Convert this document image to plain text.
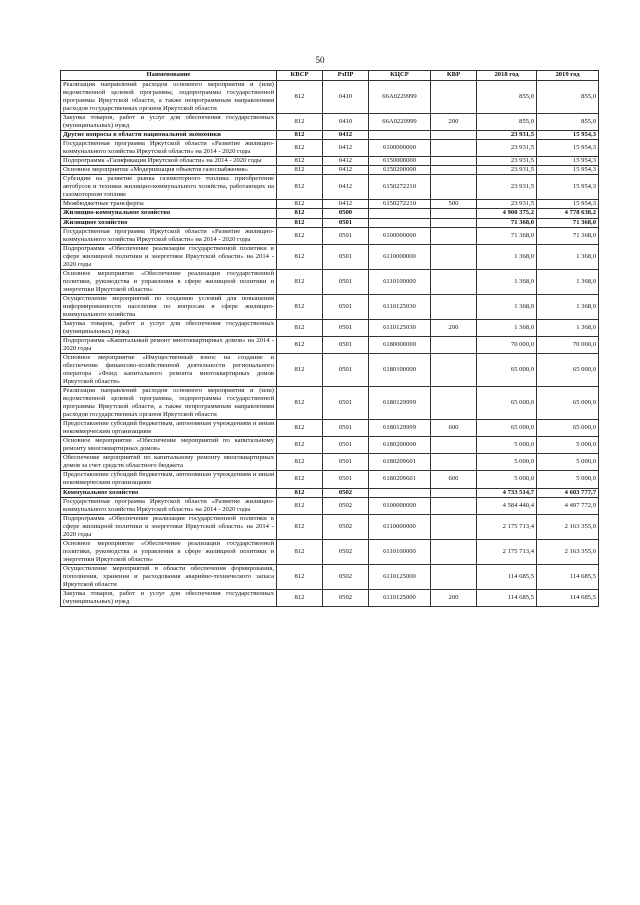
50
Наименование	КВСР	РзПР	КЦСР	КВР	2018 год	2019 год
Реализация направлений расходов основного мероприятия и (или) ведомственной целевой программы, подпрограммы государственной программы Иркутской области, а также непрограммным направлениям расходов государственных органов Иркутской области	812	0410	66А0229999		855,0	855,0
Закупка товаров, работ и услуг для обеспечения государственных (муниципальных) нужд	812	0410	66А0229999	200	855,0	855,0
Другие вопросы в области национальной экономики	812	0412			23 931,5	15 954,3
Государственная программа Иркутской области «Развитие жилищно-коммунального хозяйства Иркутской области» на 2014 - 2020 годы	812	0412	6100000000		23 931,5	15 954,3
Подпрограмма «Газификация Иркутской области» на 2014 - 2020 годы	812	0412	6150000000		23 931,5	15 954,3
Основное мероприятие «Модернизация объектов газоснабжения»	812	0412	6150200000		23 931,5	15 954,3
Субсидии на развитие рынка газомоторного топлива: приобретение автобусов и техники жилищно-коммунального хозяйства, работающих на газомоторном топливе	812	0412	6150272210		23 931,5	15 954,3
Межбюджетные трансферты	812	0412	6150272210	500	23 931,5	15 954,3
Жилищно-коммунальное хозяйство	812	0500			4 908 375,2	4 778 638,2
Жилищное хозяйство	812	0501			71 368,0	71 368,0
Государственная программа Иркутской области «Развитие жилищно-коммунального хозяйства Иркутской области» на 2014 - 2020 годы	812	0501	6100000000		71 368,0	71 368,0
Подпрограмма «Обеспечение реализации государственной политики в сфере жилищной политики и энергетики Иркутской области» на 2014 - 2020 годы	812	0501	6110000000		1 368,0	1 368,0
Основное мероприятие «Обеспечение реализации государственной политики, руководства и управления в сфере жилищной политики и энергетики Иркутской области»	812	0501	6110100000		1 368,0	1 368,0
Осуществление мероприятий по созданию условий для повышения информированности населения по вопросам в сфере жилищно-коммунального хозяйства	812	0501	6110125030		1 368,0	1 368,0
Закупка товаров, работ и услуг для обеспечения государственных (муниципальных) нужд	812	0501	6110125030	200	1 368,0	1 368,0
Подпрограмма «Капитальный ремонт многоквартирных домов» на 2014 - 2020 годы	812	0501	6180000000		70 000,0	70 000,0
Основное мероприятие «Имущественный взнос на создание и обеспечение финансово-хозяйственной деятельности регионального оператора «Фонд капитального ремонта многоквартирных домов Иркутской области»	812	0501	6180100000		65 000,0	65 000,0
Реализация направлений расходов основного мероприятия и (или) ведомственной целевой программы, подпрограммы государственной программы Иркутской области, а также непрограммным направлениям расходов государственных органов Иркутской области	812	0501	6180129999		65 000,0	65 000,0
Предоставление субсидий бюджетным, автономным учреждениям и иным некоммерческим организациям	812	0501	6180129999	600	65 000,0	65 000,0
Основное мероприятие «Обеспечение мероприятий по капитальному ремонту многоквартирных домов»	812	0501	6180200000		5 000,0	5 000,0
Обеспечение мероприятий по капитальному ремонту многоквартирных домов за счет средств областного бюджета	812	0501	6180209601		5 000,0	5 000,0
Предоставление субсидий бюджетным, автономным учреждениям и иным некоммерческим организациям	812	0501	6180209601	600	5 000,0	5 000,0
Коммунальное хозяйство	812	0502			4 733 514,7	4 603 777,7
Государственная программа Иркутской области «Развитие жилищно-коммунального хозяйства Иркутской области» на 2014 - 2020 годы	812	0502	6100000000		4 584 440,4	4 497 772,9
Подпрограмма «Обеспечение реализации государственной политики в сфере жилищной политики и энергетики Иркутской области» на 2014 - 2020 годы	812	0502	6110000000		2 175 713,4	2 163 355,0
Основное мероприятие «Обеспечение реализации государственной политики, руководства и управления в сфере жилищной политики и энергетики Иркутской области»	812	0502	6110100000		2 175 713,4	2 163 355,0
Осуществление мероприятий в области обеспечения формирования, пополнения, хранения и расходования аварийно-технического запаса Иркутской области	812	0502	6110125000		114 685,5	114 685,5
Закупка товаров, работ и услуг для обеспечения государственных (муниципальных) нужд	812	0502	6110125000	200	114 685,5	114 685,5
